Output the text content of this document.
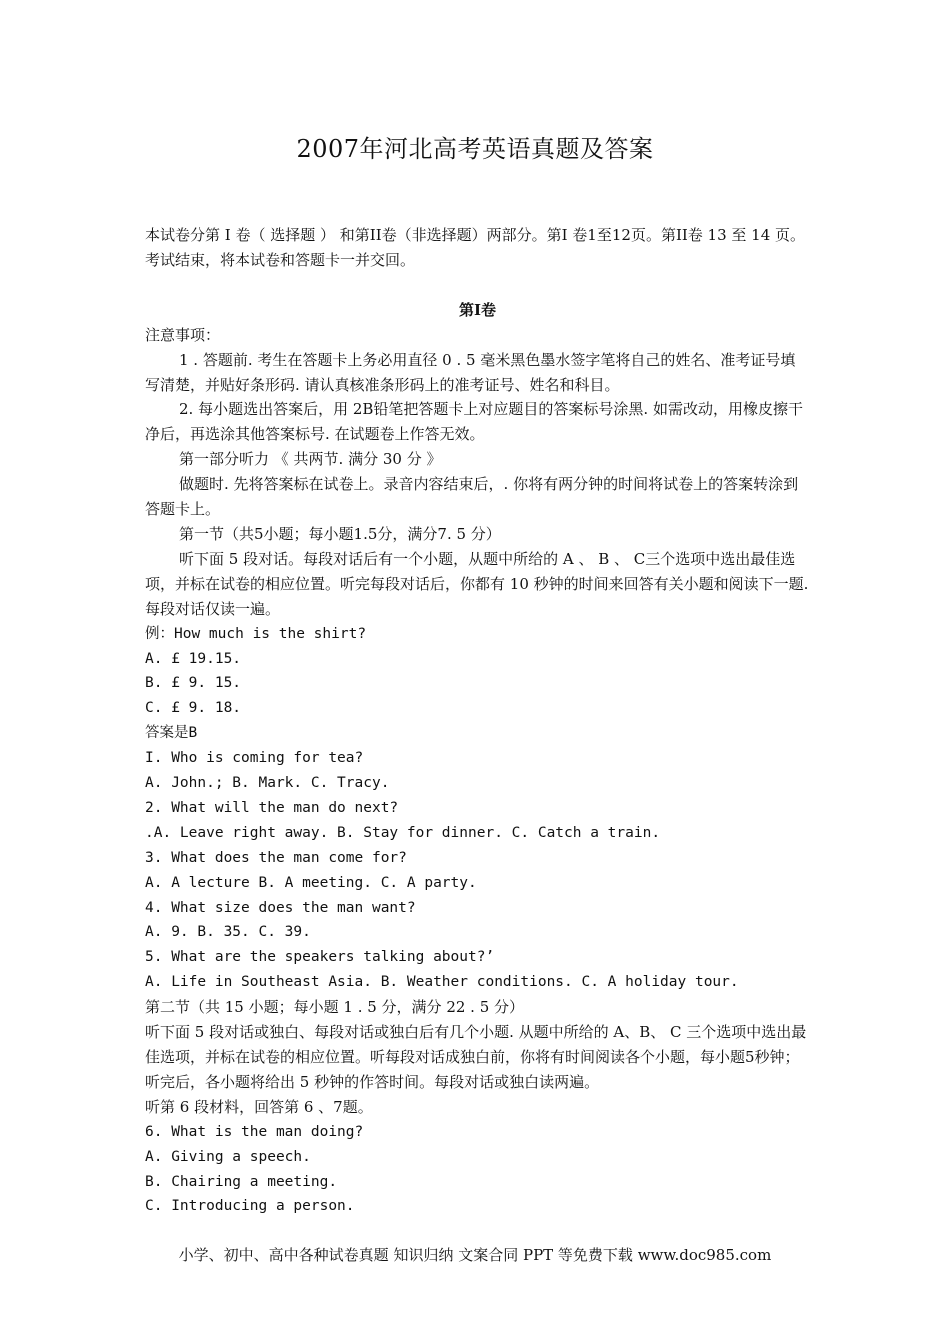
2007年河北高考英语真题及答案

本试卷分第 I 卷（ 选择题 ） 和第II卷（非选择题）两部分。第I 卷1至12页。第II卷 13 至 14 页。考试结束，将本试卷和答题卡一并交回。

第I卷

注意事项：

1 . 答题前. 考生在答题卡上务必用直径 0 . 5 毫米黑色墨水签字笔将自己的姓名、准考证号填写清楚，并贴好条形码. 请认真核准条形码上的准考证号、姓名和科目。

2. 每小题选出答案后，用 2B铅笔把答题卡上对应题目的答案标号涂黑. 如需改动，用橡皮擦干净后，再选涂其他答案标号. 在试题卷上作答无效。

第一部分听力 《 共两节. 满分 30 分 》

做题时. 先将答案标在试卷上。录音内容结束后，. 你将有两分钟的时间将试卷上的答案转涂到答题卡上。

第一节（共5小题；每小题1.5分，满分7. 5 分）

听下面 5 段对话。每段对话后有一个小题，从题中所给的 A 、 B 、 C三个选项中选出最佳选项，并标在试卷的相应位置。听完每段对话后，你都有 10 秒钟的时间来回答有关小题和阅读下一题. 每段对话仅读一遍。

例：How much is the shirt?

A. £ 19.15.

B. £ 9. 15.

C. £ 9. 18.

答案是B

I. Who is coming for tea?

A. John.; B. Mark. C. Tracy.

2. What will the man do next?

.A. Leave right away. B. Stay for dinner. C. Catch a train.

3. What does the man come for?

A. A lecture B. A meeting. C. A party.

4. What size does the man want?

A. 9. B. 35. C. 39.

5. What are the speakers talking about?’

A. Life in Southeast Asia. B. Weather conditions. C. A holiday tour.

第二节（共 15 小题；每小题 1 . 5 分，满分 22 . 5 分）

听下面 5 段对话或独白、每段对话或独白后有几个小题. 从题中所给的 A、B、 C 三个选项中选出最佳选项，并标在试卷的相应位置。听每段对话成独白前，你将有时间阅读各个小题，每小题5秒钟；听完后，各小题将给出 5 秒钟的作答时间。每段对话或独白读两遍。

听第 6 段材料，回答第 6 、7题。

6. What is the man doing?

A. Giving a speech.

B. Chairing a meeting.

C. Introducing a person.

小学、初中、高中各种试卷真题 知识归纳 文案合同 PPT 等免费下载 www.doc985.com
